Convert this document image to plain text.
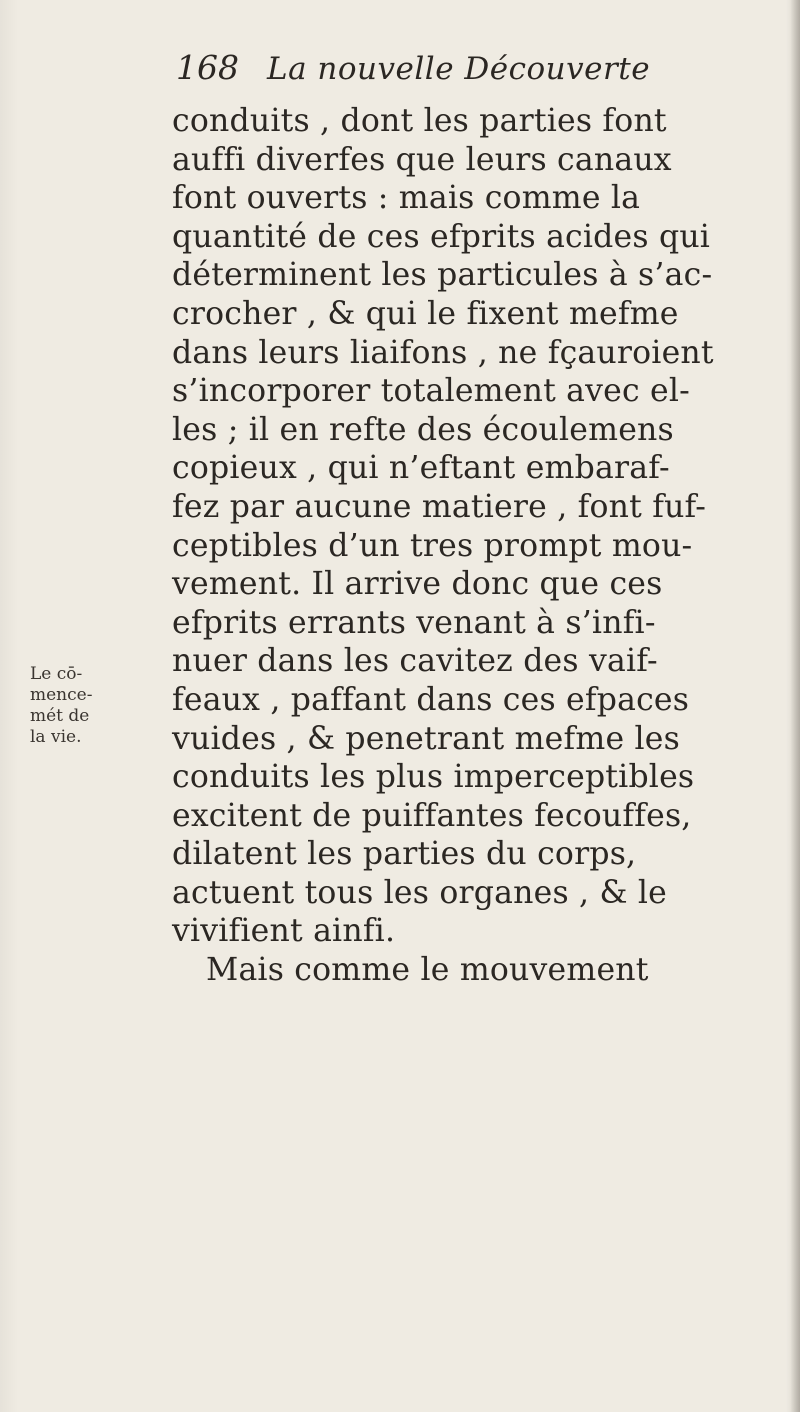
168 La nouvelle Découverte
Le cō-
mence-
mét de
la vie.
conduits , dont les parties font
auffi diverfes que leurs canaux
font ouverts : mais comme la
quantité de ces efprits acides qui
déterminent les particules à s’ac-
crocher , & qui le fixent mefme
dans leurs liaifons , ne fçauroient
s’incorporer totalement avec el-
les ; il en refte des écoulemens
copieux , qui n’eftant embaraf-
fez par aucune matiere , font fuf-
ceptibles d’un tres prompt mou-
vement. Il arrive donc que ces
efprits errants venant à s’infi-
nuer dans les cavitez des vaif-
feaux , paffant dans ces efpaces
vuides , & penetrant mefme les
conduits les plus imperceptibles
excitent de puiffantes fecouffes,
dilatent les parties du corps,
actuent tous les organes , & le
vivifient ainfi.
Mais comme le mouvement
